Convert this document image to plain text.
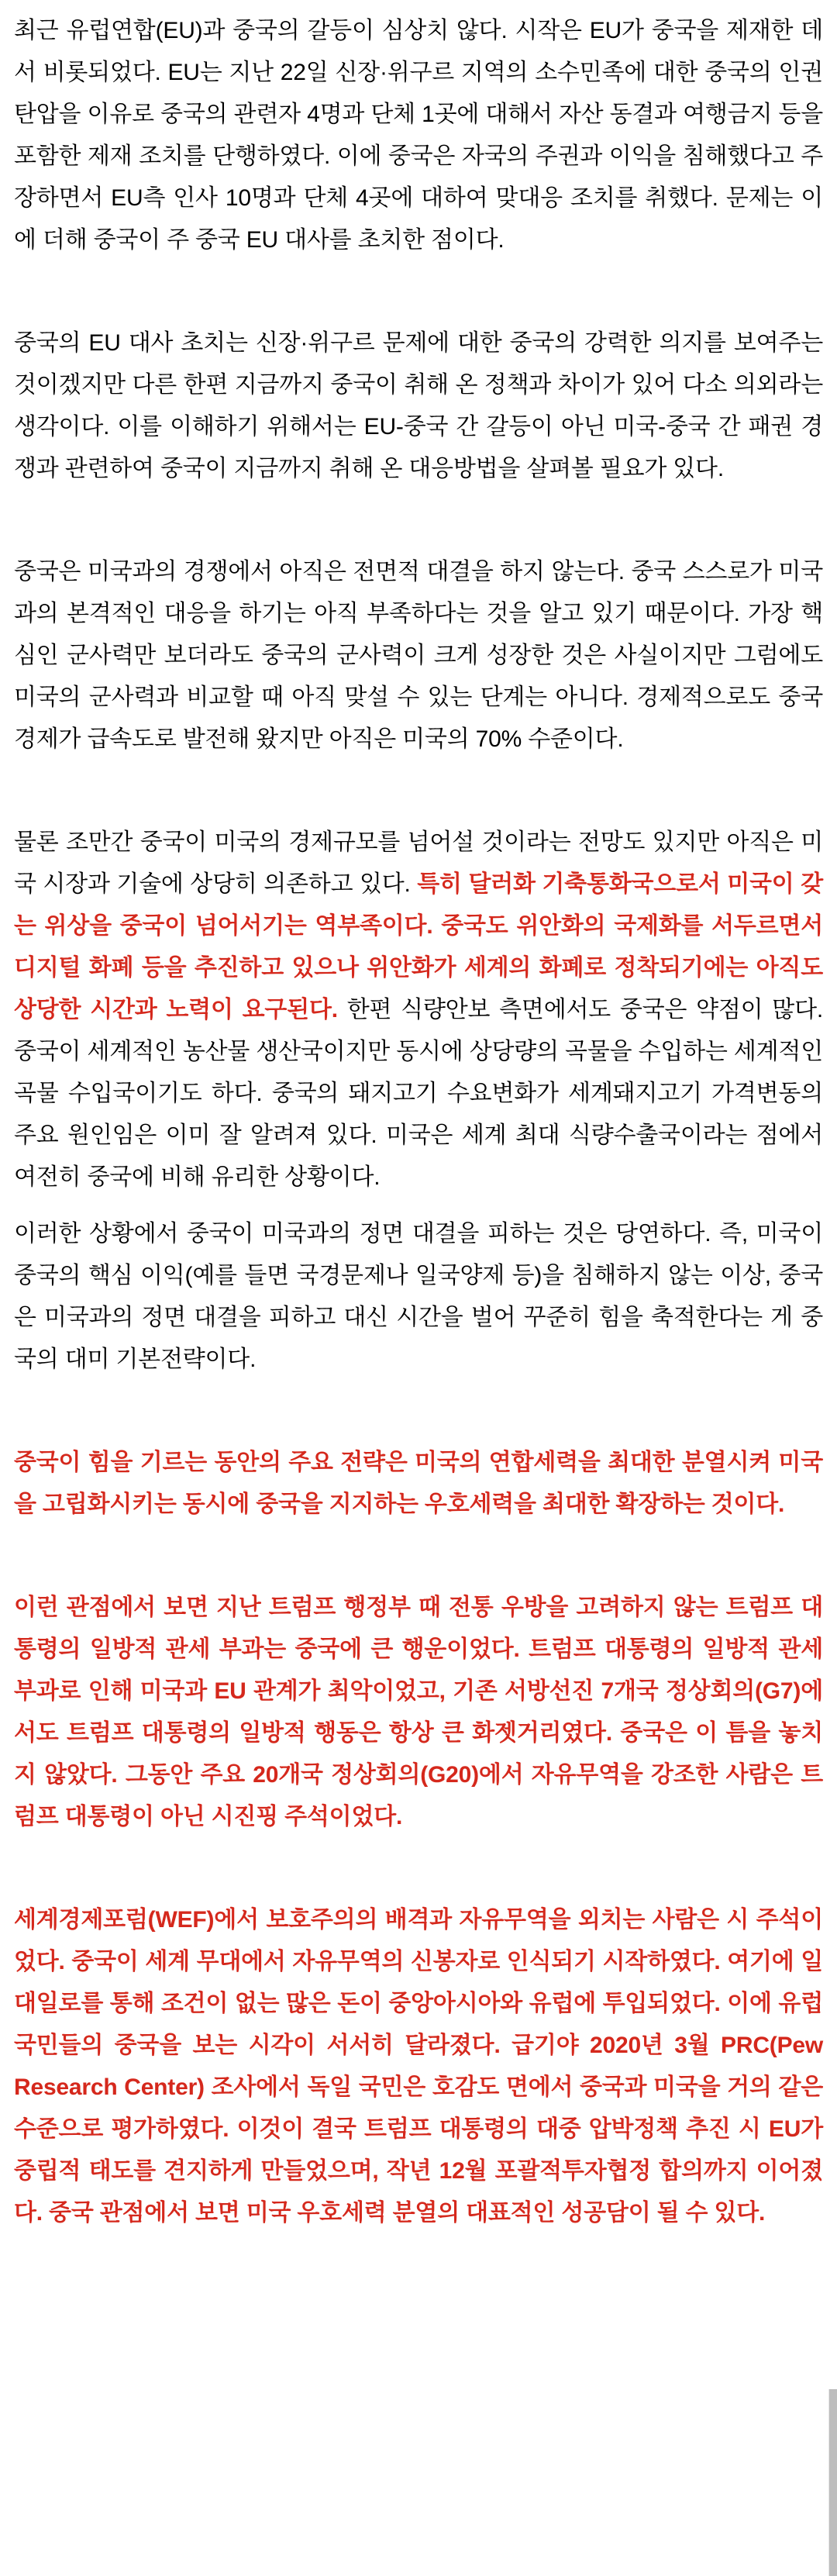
최근 유럽연합(EU)과 중국의 갈등이 심상치 않다. 시작은 EU가 중국을 제재한 데서 비롯되었다. EU는 지난 22일 신장·위구르 지역의 소수민족에 대한 중국의 인권 탄압을 이유로 중국의 관련자 4명과 단체 1곳에 대해서 자산 동결과 여행금지 등을 포함한 제재 조치를 단행하였다. 이에 중국은 자국의 주권과 이익을 침해했다고 주장하면서 EU측 인사 10명과 단체 4곳에 대하여 맞대응 조치를 취했다. 문제는 이에 더해 중국이 주 중국 EU 대사를 초치한 점이다.

중국의 EU 대사 초치는 신장·위구르 문제에 대한 중국의 강력한 의지를 보여주는 것이겠지만 다른 한편 지금까지 중국이 취해 온 정책과 차이가 있어 다소 의외라는 생각이다. 이를 이해하기 위해서는 EU-중국 간 갈등이 아닌 미국-중국 간 패권 경쟁과 관련하여 중국이 지금까지 취해 온 대응방법을 살펴볼 필요가 있다.

중국은 미국과의 경쟁에서 아직은 전면적 대결을 하지 않는다. 중국 스스로가 미국과의 본격적인 대응을 하기는 아직 부족하다는 것을 알고 있기 때문이다. 가장 핵심인 군사력만 보더라도 중국의 군사력이 크게 성장한 것은 사실이지만 그럼에도 미국의 군사력과 비교할 때 아직 맞설 수 있는 단계는 아니다. 경제적으로도 중국 경제가 급속도로 발전해 왔지만 아직은 미국의 70% 수준이다.

물론 조만간 중국이 미국의 경제규모를 넘어설 것이라는 전망도 있지만 아직은 미국 시장과 기술에 상당히 의존하고 있다. 특히 달러화 기축통화국으로서 미국이 갖는 위상을 중국이 넘어서기는 역부족이다. 중국도 위안화의 국제화를 서두르면서 디지털 화폐 등을 추진하고 있으나 위안화가 세계의 화폐로 정착되기에는 아직도 상당한 시간과 노력이 요구된다. 한편 식량안보 측면에서도 중국은 약점이 많다. 중국이 세계적인 농산물 생산국이지만 동시에 상당량의 곡물을 수입하는 세계적인 곡물 수입국이기도 하다. 중국의 돼지고기 수요변화가 세계돼지고기 가격변동의 주요 원인임은 이미 잘 알려져 있다. 미국은 세계 최대 식량수출국이라는 점에서 여전히 중국에 비해 유리한 상황이다.

이러한 상황에서 중국이 미국과의 정면 대결을 피하는 것은 당연하다. 즉, 미국이 중국의 핵심 이익(예를 들면 국경문제나 일국양제 등)을 침해하지 않는 이상, 중국은 미국과의 정면 대결을 피하고 대신 시간을 벌어 꾸준히 힘을 축적한다는 게 중국의 대미 기본전략이다.

중국이 힘을 기르는 동안의 주요 전략은 미국의 연합세력을 최대한 분열시켜 미국을 고립화시키는 동시에 중국을 지지하는 우호세력을 최대한 확장하는 것이다.

이런 관점에서 보면 지난 트럼프 행정부 때 전통 우방을 고려하지 않는 트럼프 대통령의 일방적 관세 부과는 중국에 큰 행운이었다. 트럼프 대통령의 일방적 관세 부과로 인해 미국과 EU 관계가 최악이었고, 기존 서방선진 7개국 정상회의(G7)에서도 트럼프 대통령의 일방적 행동은 항상 큰 화젯거리였다. 중국은 이 틈을 놓치지 않았다. 그동안 주요 20개국 정상회의(G20)에서 자유무역을 강조한 사람은 트럼프 대통령이 아닌 시진핑 주석이었다.

세계경제포럼(WEF)에서 보호주의의 배격과 자유무역을 외치는 사람은 시 주석이었다. 중국이 세계 무대에서 자유무역의 신봉자로 인식되기 시작하였다. 여기에 일대일로를 통해 조건이 없는 많은 돈이 중앙아시아와 유럽에 투입되었다. 이에 유럽 국민들의 중국을 보는 시각이 서서히 달라졌다. 급기야 2020년 3월 PRC(Pew Research Center) 조사에서 독일 국민은 호감도 면에서 중국과 미국을 거의 같은 수준으로 평가하였다. 이것이 결국 트럼프 대통령의 대중 압박정책 추진 시 EU가 중립적 태도를 견지하게 만들었으며, 작년 12월 포괄적투자협정 합의까지 이어졌다. 중국 관점에서 보면 미국 우호세력 분열의 대표적인 성공담이 될 수 있다.
